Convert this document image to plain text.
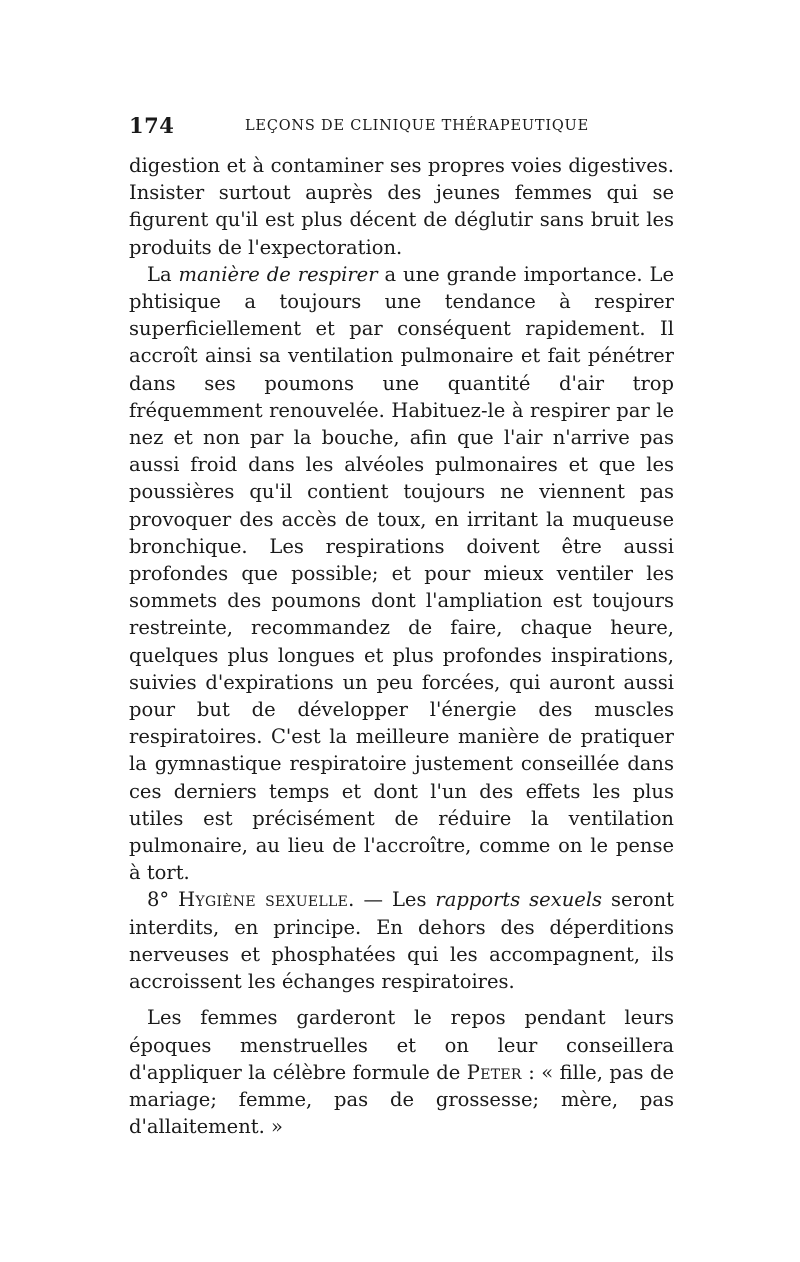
174	LEÇONS DE CLINIQUE THÉRAPEUTIQUE

digestion et à contaminer ses propres voies digestives. Insister surtout auprès des jeunes femmes qui se figurent qu'il est plus décent de déglutir sans bruit les produits de l'expectoration.

La manière de respirer a une grande importance. Le phtisique a toujours une tendance à respirer superficiellement et par conséquent rapidement. Il accroît ainsi sa ventilation pulmonaire et fait pénétrer dans ses poumons une quantité d'air trop fréquemment renouvelée. Habituez-le à respirer par le nez et non par la bouche, afin que l'air n'arrive pas aussi froid dans les alvéoles pulmonaires et que les poussières qu'il contient toujours ne viennent pas provoquer des accès de toux, en irritant la muqueuse bronchique. Les respirations doivent être aussi profondes que possible; et pour mieux ventiler les sommets des poumons dont l'ampliation est toujours restreinte, recommandez de faire, chaque heure, quelques plus longues et plus profondes inspirations, suivies d'expirations un peu forcées, qui auront aussi pour but de développer l'énergie des muscles respiratoires. C'est la meilleure manière de pratiquer la gymnastique respiratoire justement conseillée dans ces derniers temps et dont l'un des effets les plus utiles est précisément de réduire la ventilation pulmonaire, au lieu de l'accroître, comme on le pense à tort.

8° Hygiène sexuelle. — Les rapports sexuels seront interdits, en principe. En dehors des déperditions nerveuses et phosphatées qui les accompagnent, ils accroissent les échanges respiratoires.

Les femmes garderont le repos pendant leurs époques menstruelles et on leur conseillera d'appliquer la célèbre formule de Peter : « fille, pas de mariage; femme, pas de grossesse; mère, pas d'allaitement. »
